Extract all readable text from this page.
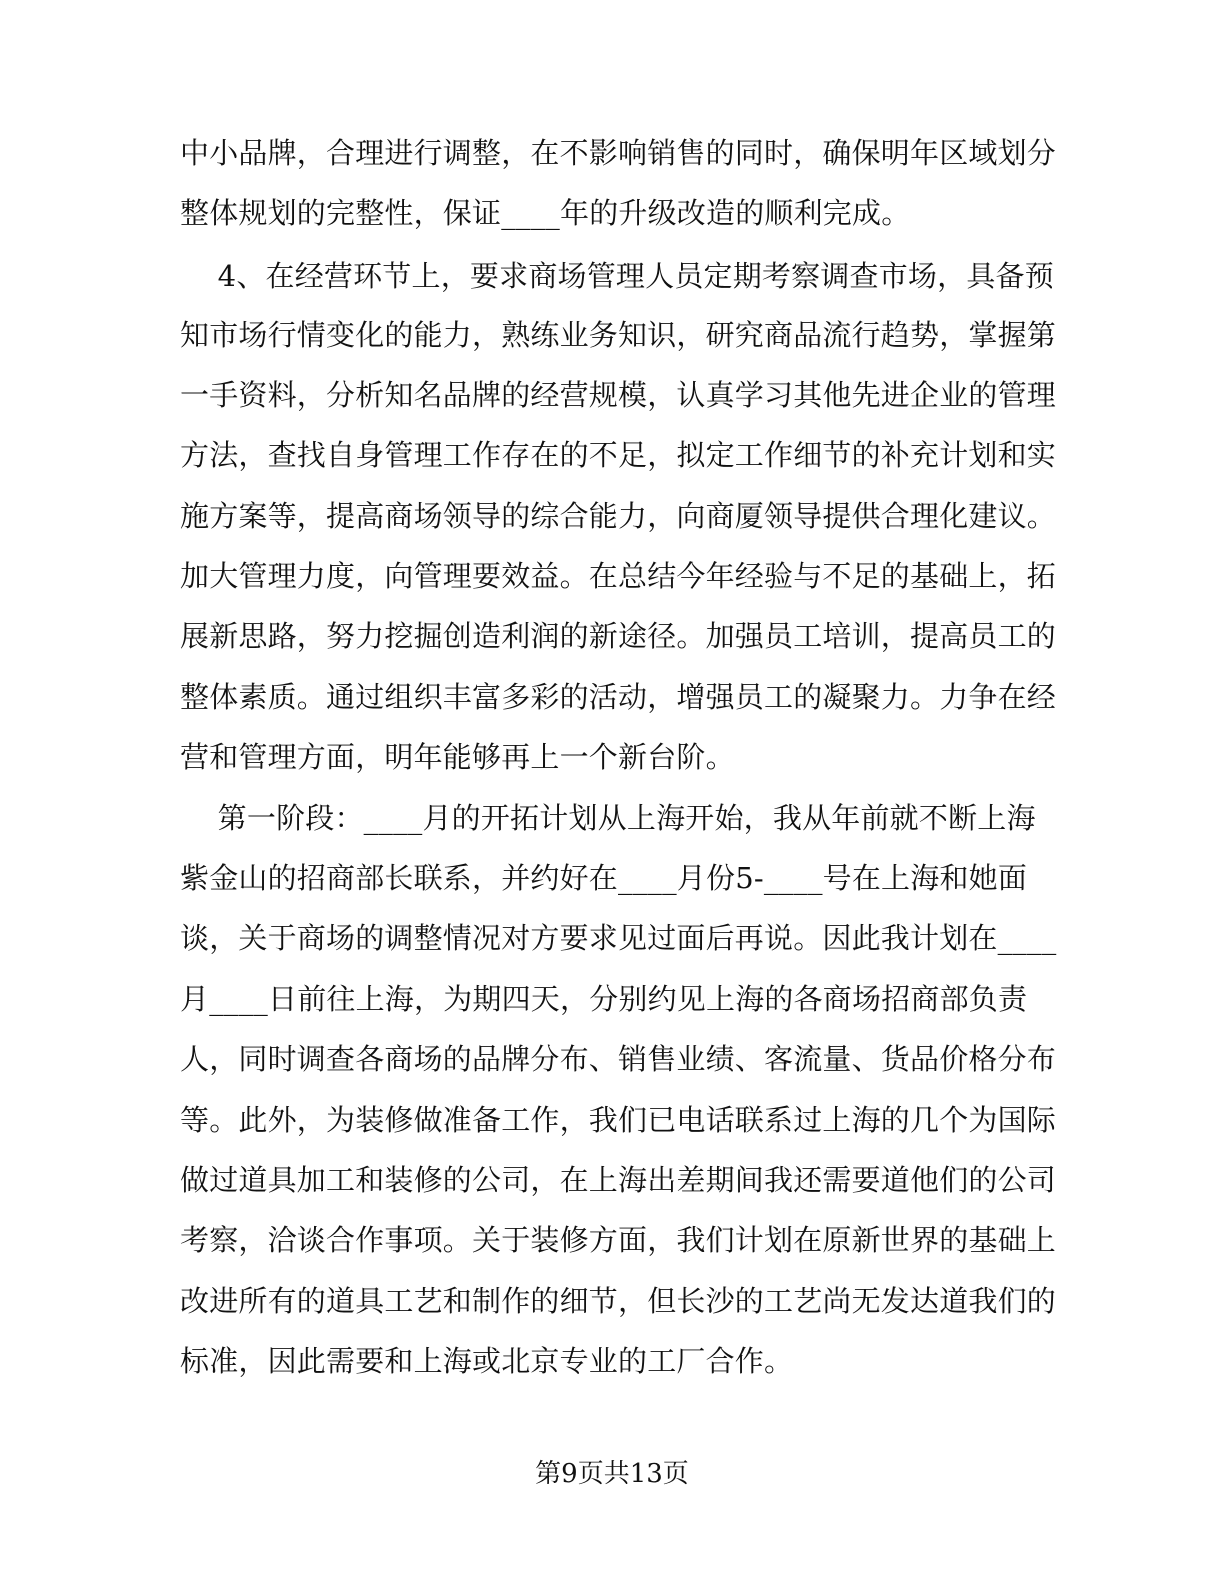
中小品牌，合理进行调整，在不影响销售的同时，确保明年区域划分
整体规划的完整性，保证____年的升级改造的顺利完成。
4、在经营环节上，要求商场管理人员定期考察调查市场，具备预
知市场行情变化的能力，熟练业务知识，研究商品流行趋势，掌握第
一手资料，分析知名品牌的经营规模，认真学习其他先进企业的管理
方法，查找自身管理工作存在的不足，拟定工作细节的补充计划和实
施方案等，提高商场领导的综合能力，向商厦领导提供合理化建议。
加大管理力度，向管理要效益。在总结今年经验与不足的基础上，拓
展新思路，努力挖掘创造利润的新途径。加强员工培训，提高员工的
整体素质。通过组织丰富多彩的活动，增强员工的凝聚力。力争在经
营和管理方面，明年能够再上一个新台阶。
第一阶段：____月的开拓计划从上海开始，我从年前就不断上海
紫金山的招商部长联系，并约好在____月份5-____号在上海和她面
谈，关于商场的调整情况对方要求见过面后再说。因此我计划在____
月____日前往上海，为期四天，分别约见上海的各商场招商部负责
人，同时调查各商场的品牌分布、销售业绩、客流量、货品价格分布
等。此外，为装修做准备工作，我们已电话联系过上海的几个为国际
做过道具加工和装修的公司，在上海出差期间我还需要道他们的公司
考察，洽谈合作事项。关于装修方面，我们计划在原新世界的基础上
改进所有的道具工艺和制作的细节，但长沙的工艺尚无发达道我们的
标准，因此需要和上海或北京专业的工厂合作。
第9页共13页
